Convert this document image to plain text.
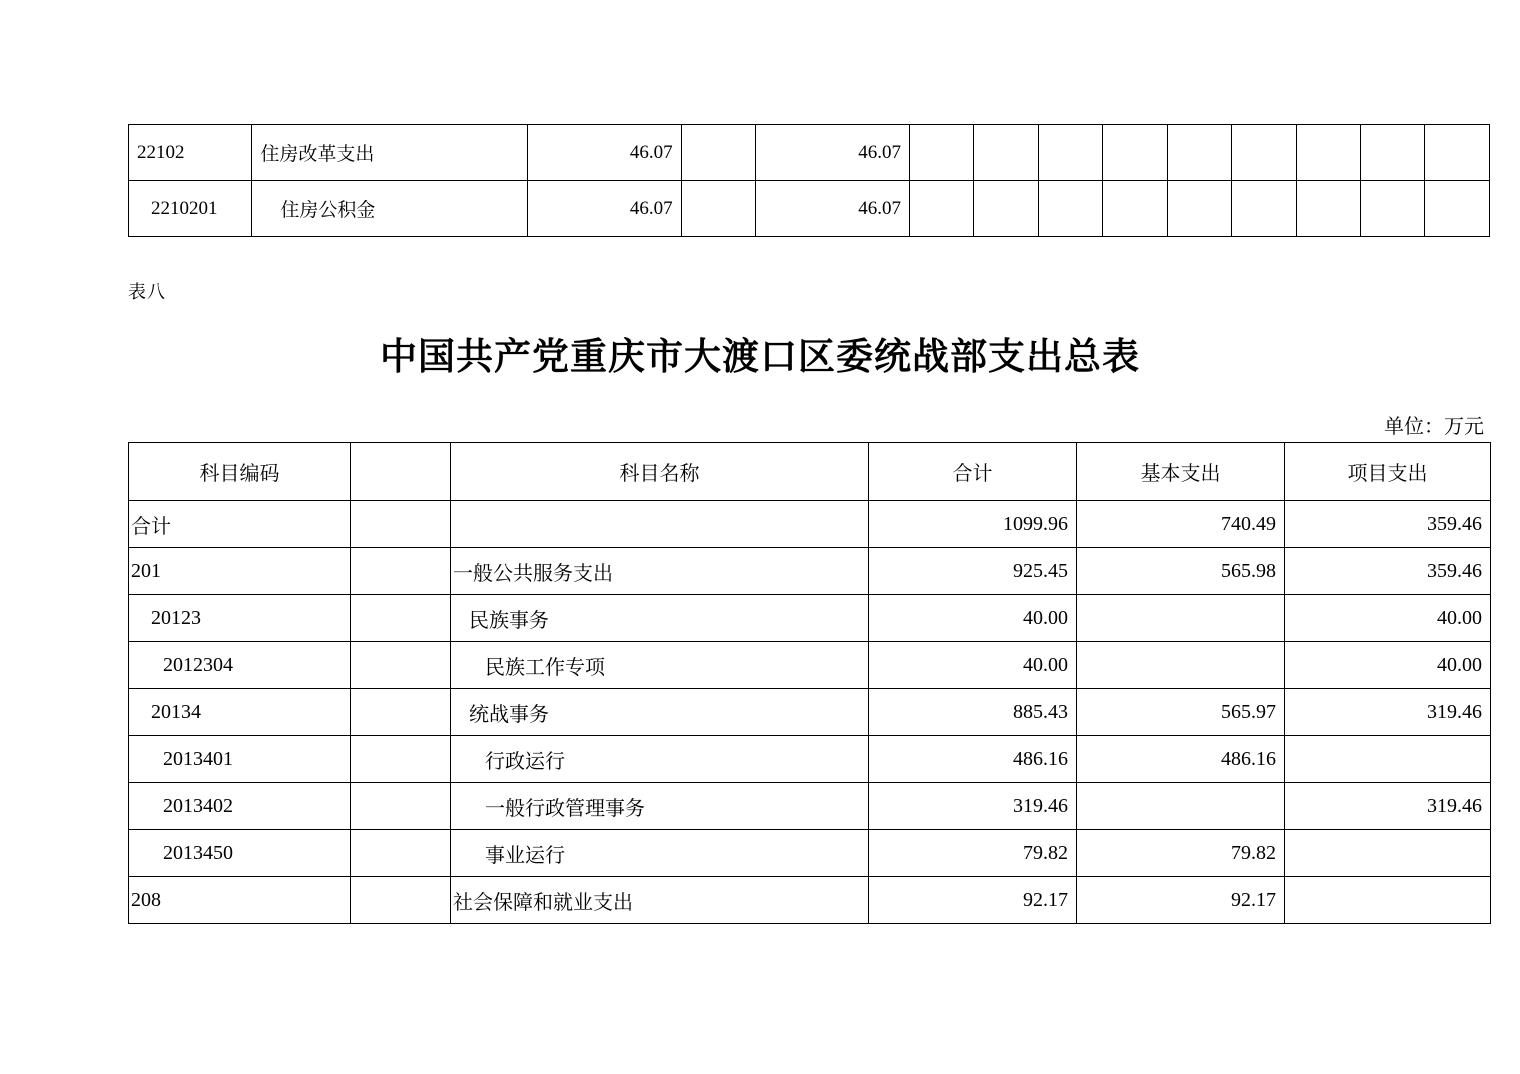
22102	住房改革支出	46.07		46.07									
2210201	住房公积金	46.07		46.07									
表八
中国共产党重庆市大渡口区委统战部支出总表
单位：万元
科目编码		科目名称	合计	基本支出	项目支出
合计			1099.96	740.49	359.46
201		一般公共服务支出	925.45	565.98	359.46
20123		民族事务	40.00		40.00
2012304		民族工作专项	40.00		40.00
20134		统战事务	885.43	565.97	319.46
2013401		行政运行	486.16	486.16	
2013402		一般行政管理事务	319.46		319.46
2013450		事业运行	79.82	79.82	
208		社会保障和就业支出	92.17	92.17	
